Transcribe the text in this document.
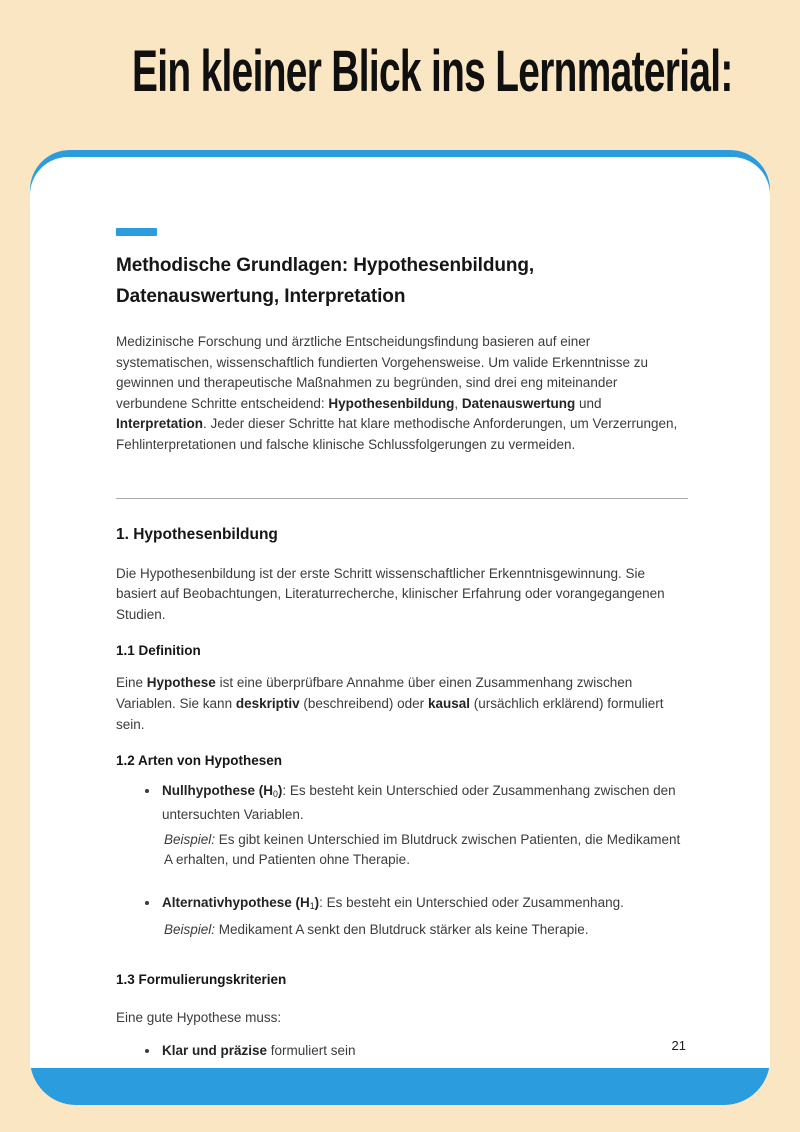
Ein kleiner Blick ins Lernmaterial:
Methodische Grundlagen: Hypothesenbildung, Datenauswertung, Interpretation

Medizinische Forschung und ärztliche Entscheidungsfindung basieren auf einer systematischen, wissenschaftlich fundierten Vorgehensweise. Um valide Erkenntnisse zu gewinnen und therapeutische Maßnahmen zu begründen, sind drei eng miteinander verbundene Schritte entscheidend: Hypothesenbildung, Datenauswertung und Interpretation. Jeder dieser Schritte hat klare methodische Anforderungen, um Verzerrungen, Fehlinterpretationen und falsche klinische Schlussfolgerungen zu vermeiden.

1. Hypothesenbildung

Die Hypothesenbildung ist der erste Schritt wissenschaftlicher Erkenntnisgewinnung. Sie basiert auf Beobachtungen, Literaturrecherche, klinischer Erfahrung oder vorangegangenen Studien.

1.1 Definition

Eine Hypothese ist eine überprüfbare Annahme über einen Zusammenhang zwischen Variablen. Sie kann deskriptiv (beschreibend) oder kausal (ursächlich erklärend) formuliert sein.

1.2 Arten von Hypothesen
• Nullhypothese $(H_0)$: Es besteht kein Unterschied oder Zusammenhang zwischen den untersuchten Variablen.
Beispiel: Es gibt keinen Unterschied im Blutdruck zwischen Patienten, die Medikament A erhalten, und Patienten ohne Therapie.
• Alternativhypothese $(H_1)$: Es besteht ein Unterschied oder Zusammenhang.
Beispiel: Medikament A senkt den Blutdruck stärker als keine Therapie.
1.3 Formulierungskriterien

Eine gute Hypothese muss:

• Klar und präzise formuliert sein	21
